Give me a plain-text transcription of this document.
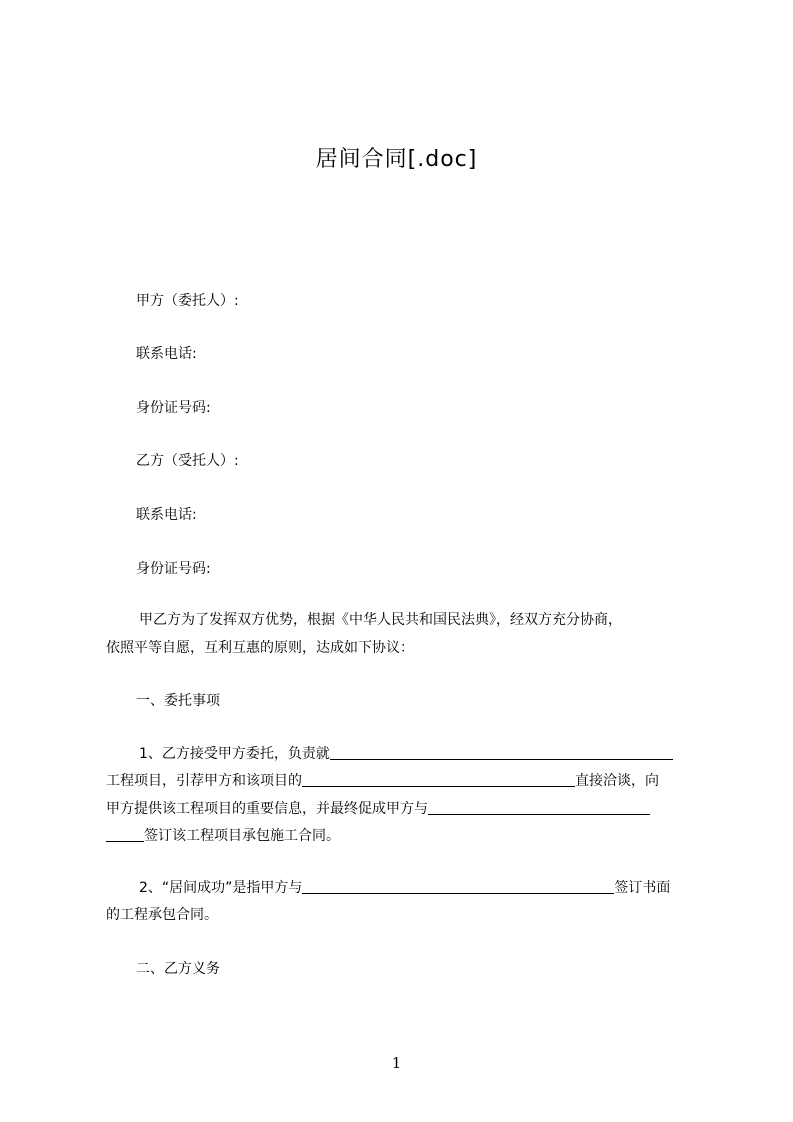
居间合同[.doc]
甲方（委托人）:
联系电话:
身份证号码:
乙方（受托人）:
联系电话:
身份证号码:
甲乙方为了发挥双方优势，根据《中华人民共和国民法典》，经双方充分协商，
依照平等自愿，互利互惠的原则，达成如下协议：
一、委托事项
1、乙方接受甲方委托，负责就
工程项目，引荐甲方和该项目的	直接洽谈，向
甲方提供该工程项目的重要信息，并最终促成甲方与
签订该工程项目承包施工合同。
2、“居间成功”是指甲方与	签订书面
的工程承包合同。
二、乙方义务
1
